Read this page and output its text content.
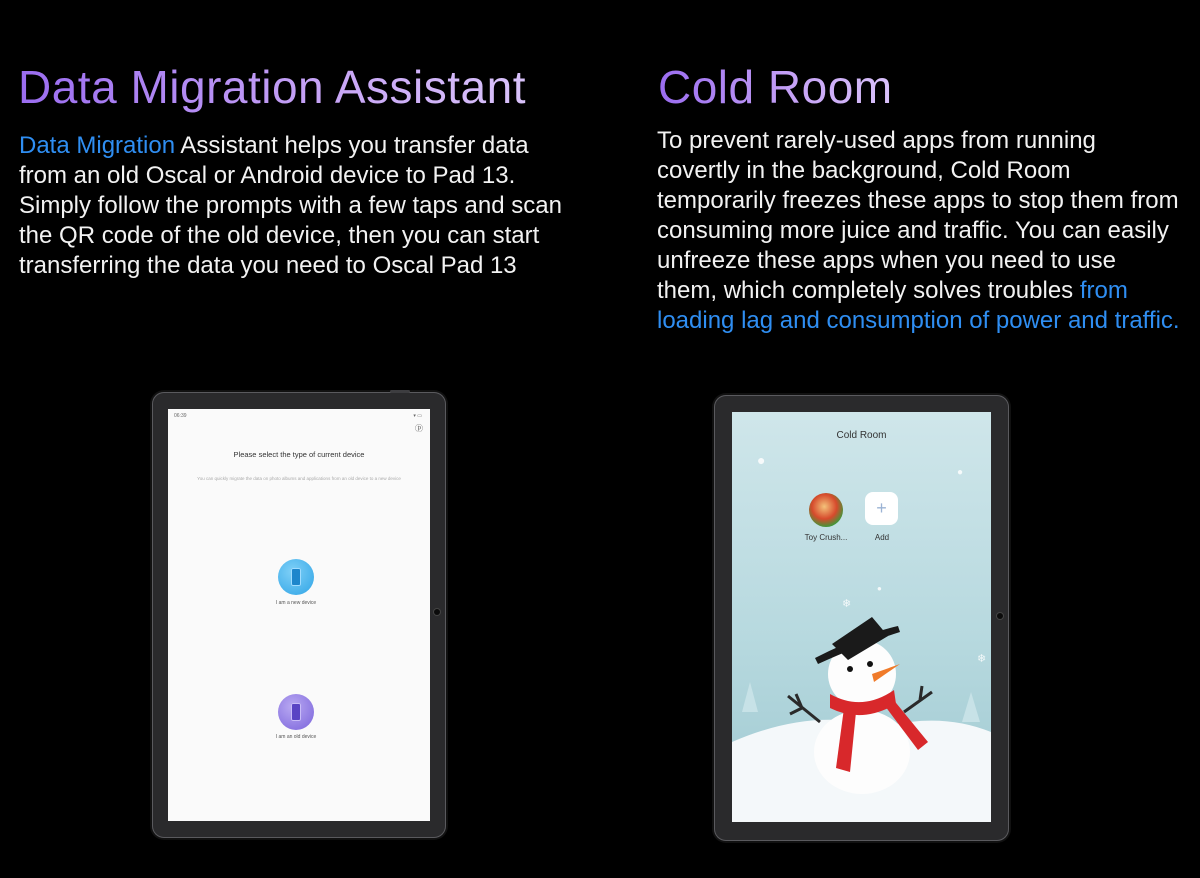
Data Migration Assistant

Data Migration Assistant helps you transfer data from an old Oscal or Android device to Pad 13. Simply follow the prompts with a few taps and scan the QR code of the old device, then you can start transferring the data you need to Oscal Pad 13

Cold Room

To prevent rarely-used apps from running covertly in the background, Cold Room temporarily freezes these apps to stop them from consuming more juice and traffic. You can easily unfreeze these apps when you need to use them, which completely solves troubles from loading lag and consumption of power and traffic.

06:39	▾ ▭
ⓟ
Please select the type of current device
You can quickly migrate the data on photo albums and applications from an old device to a new device
I am a new device
I am an old device
Cold Room
Toy Crush...
+
Add
●
●
❄
❄
●
